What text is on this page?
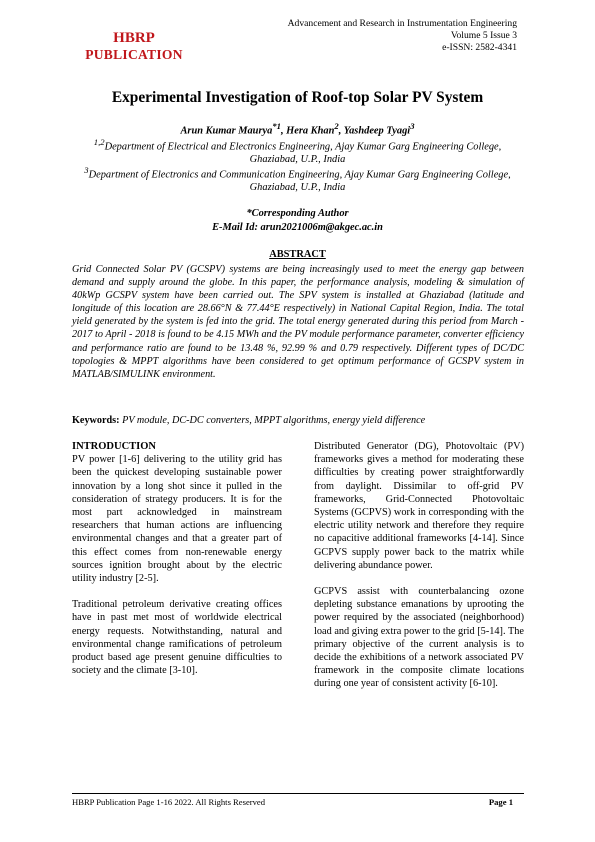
HBRP
PUBLICATION
Advancement and Research in Instrumentation Engineering
Volume 5 Issue 3
e-ISSN: 2582-4341
Experimental Investigation of Roof-top Solar PV System
Arun Kumar Maurya$^{*1}$, Hera Khan$^2$, Yashdeep Tyagi$^3$
$^{1,2}$Department of Electrical and Electronics Engineering, Ajay Kumar Garg Engineering College, Ghaziabad, U.P., India
$^3$Department of Electronics and Communication Engineering, Ajay Kumar Garg Engineering College, Ghaziabad, U.P., India
*Corresponding Author
E-Mail Id: arun2021006m@akgec.ac.in
ABSTRACT
Grid Connected Solar PV (GCSPV) systems are being increasingly used to meet the energy gap between demand and supply around the globe. In this paper, the performance analysis, modeling & simulation of 40kWp GCSPV system have been carried out. The SPV system is installed at Ghaziabad (latitude and longitude of this location are 28.66°N & 77.44°E respectively) in National Capital Region, India. The total yield generated by the system is fed into the grid. The total energy generated during this period from March - 2017 to April - 2018 is found to be 4.15 MWh and the PV module performance parameter, converter efficiency and performance ratio are found to be 13.48 %, 92.99 % and 0.79 respectively. Different types of DC/DC topologies & MPPT algorithms have been considered to get optimum performance of GCSPV system in MATLAB/SIMULINK environment.
Keywords: PV module, DC-DC converters, MPPT algorithms, energy yield difference
INTRODUCTION

PV power [1-6] delivering to the utility grid has been the quickest developing sustainable power innovation by a long shot since it pulled in the consideration of strategy producers. It is for the most part acknowledged in mainstream researchers that human actions are influencing environmental changes and that a greater part of this effect comes from non-renewable energy sources ignition brought about by the electric utility industry [2-5].

Traditional petroleum derivative creating offices have in past met most of worldwide electrical energy requests. Notwithstanding, natural and environmental change ramifications of petroleum product based age present genuine difficulties to society and the climate [3-10].

Distributed Generator (DG), Photovoltaic (PV) frameworks gives a method for moderating these difficulties by creating power straightforwardly from daylight. Dissimilar to off-grid PV frameworks, Grid-Connected Photovoltaic Systems (GCPVS) work in corresponding with the electric utility network and therefore they require no capacitive additional frameworks [4-14]. Since GCPVS supply power back to the matrix while delivering abundance power.

GCPVS assist with counterbalancing ozone depleting substance emanations by uprooting the power required by the associated (neighborhood) load and giving extra power to the grid [5-14]. The primary objective of the current analysis is to decide the exhibitions of a network associated PV framework in the composite climate locations during one year of consistent activity [6-10].

HBRP Publication Page 1-16 2022. All Rights Reserved	Page 1
